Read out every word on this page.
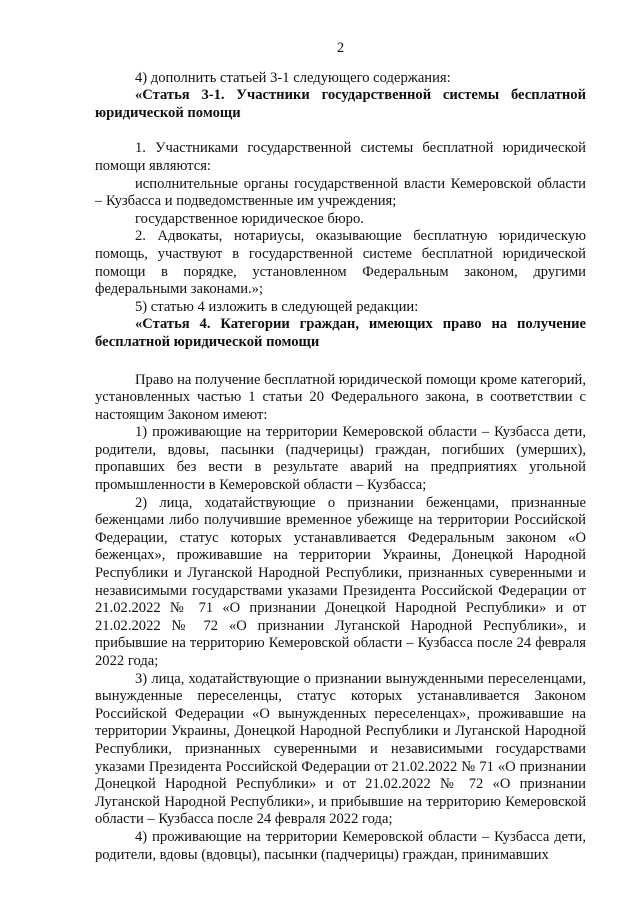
2

4) дополнить статьей 3-1 следующего содержания:

«Статья 3-1. Участники государственной системы бесплатной юридической помощи

1. Участниками государственной системы бесплатной юридической помощи являются:

исполнительные органы государственной власти Кемеровской области – Кузбасса и подведомственные им учреждения;

государственное юридическое бюро.

2. Адвокаты, нотариусы, оказывающие бесплатную юридическую помощь, участвуют в государственной системе бесплатной юридической помощи в порядке, установленном Федеральным законом, другими федеральными законами.»;

5) статью 4 изложить в следующей редакции:

«Статья 4. Категории граждан, имеющих право на получение бесплатной юридической помощи

Право на получение бесплатной юридической помощи кроме категорий, установленных частью 1 статьи 20 Федерального закона, в соответствии с настоящим Законом имеют:

1) проживающие на территории Кемеровской области – Кузбасса дети, родители, вдовы, пасынки (падчерицы) граждан, погибших (умерших), пропавших без вести в результате аварий на предприятиях угольной промышленности в Кемеровской области – Кузбасса;

2) лица, ходатайствующие о признании беженцами, признанные беженцами либо получившие временное убежище на территории Российской Федерации, статус которых устанавливается Федеральным законом «О беженцах», проживавшие на территории Украины, Донецкой Народной Республики и Луганской Народной Республики, признанных суверенными и независимыми государствами указами Президента Российской Федерации от 21.02.2022 № 71 «О признании Донецкой Народной Республики» и от 21.02.2022 № 72 «О признании Луганской Народной Республики», и прибывшие на территорию Кемеровской области – Кузбасса после 24 февраля 2022 года;

3) лица, ходатайствующие о признании вынужденными переселенцами, вынужденные переселенцы, статус которых устанавливается Законом Российской Федерации «О вынужденных переселенцах», проживавшие на территории Украины, Донецкой Народной Республики и Луганской Народной Республики, признанных суверенными и независимыми государствами указами Президента Российской Федерации от 21.02.2022 № 71 «О признании Донецкой Народной Республики» и от 21.02.2022 № 72 «О признании Луганской Народной Республики», и прибывшие на территорию Кемеровской области – Кузбасса после 24 февраля 2022 года;

4) проживающие на территории Кемеровской области – Кузбасса дети, родители, вдовы (вдовцы), пасынки (падчерицы) граждан, принимавших
